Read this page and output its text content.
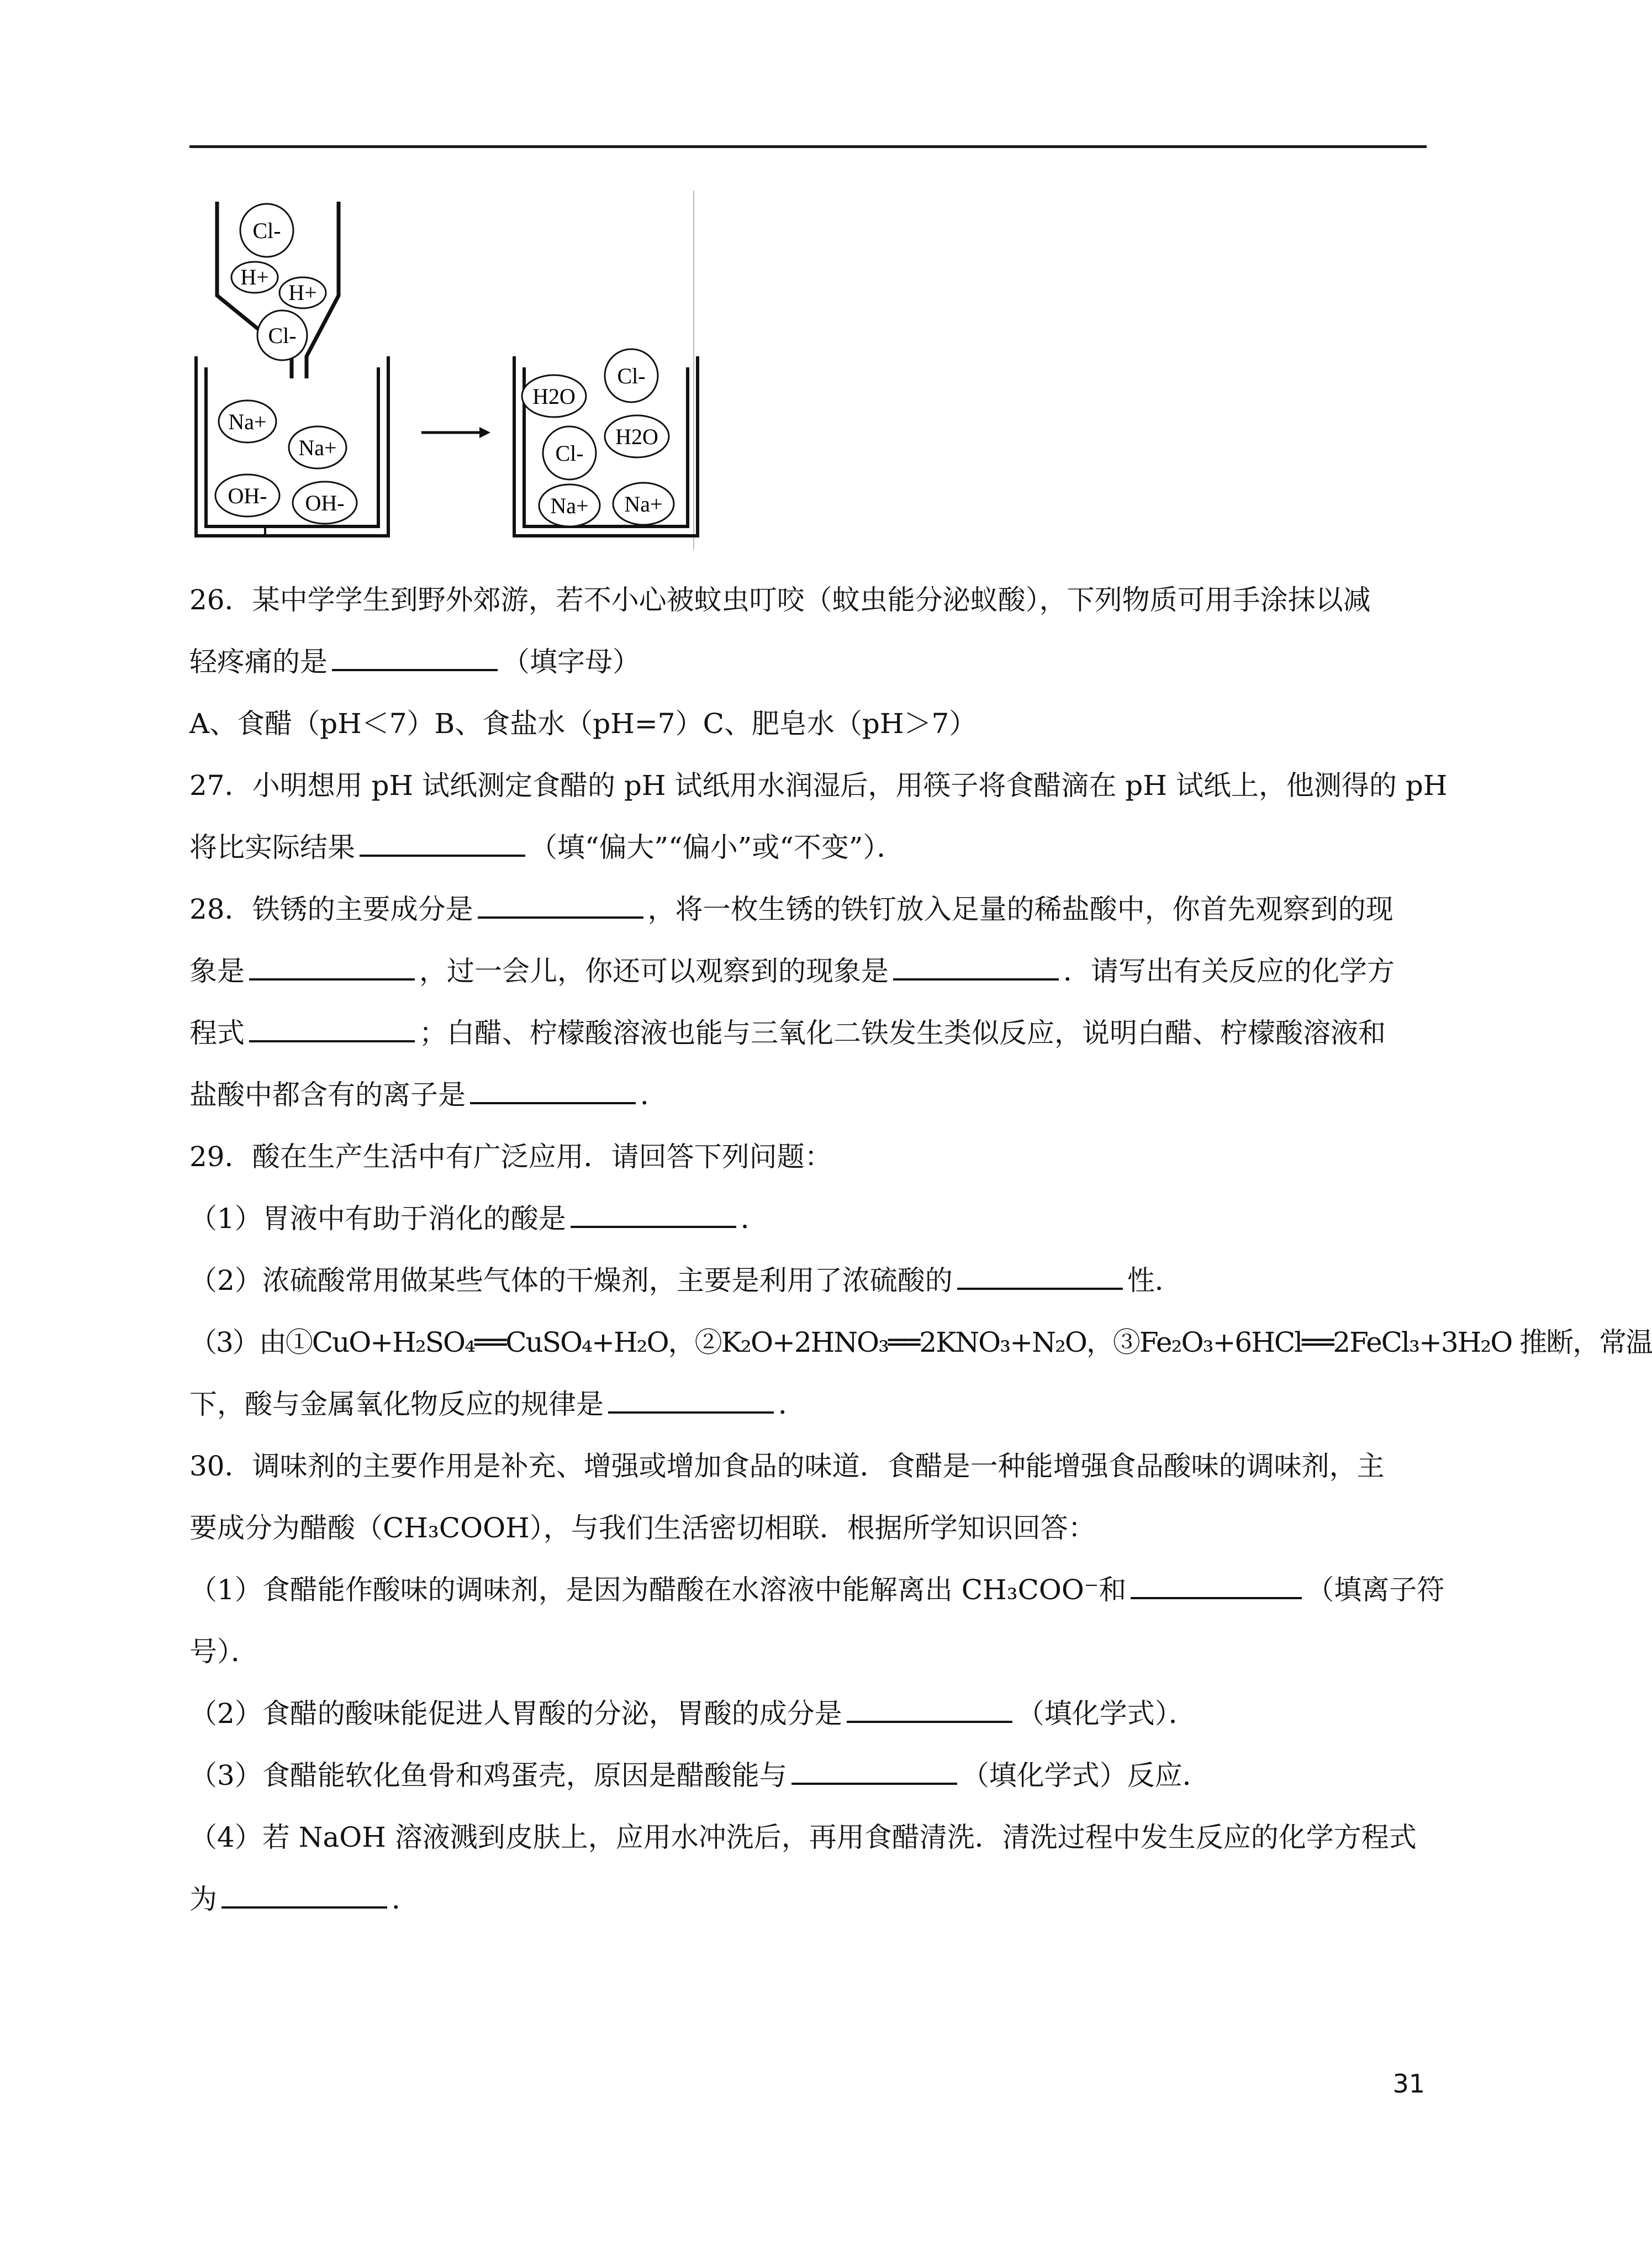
Cl-
H+
H+
Cl-
Na+
Na+
OH- OH-
H2O
Cl-
Cl-
H2O
Na+ Na+
26．某中学学生到野外郊游，若不小心被蚊虫叮咬（蚊虫能分泌蚁酸），下列物质可用手涂抹以减
轻疼痛的是	（填字母）
A、食醋（pH＜7）B、食盐水（pH=7）C、肥皂水（pH＞7）
27．小明想用 pH 试纸测定食醋的 pH 试纸用水润湿后，用筷子将食醋滴在 pH 试纸上，他测得的 pH
将比实际结果	（填“偏大”“偏小”或“不变”）．
28．铁锈的主要成分是	，将一枚生锈的铁钉放入足量的稀盐酸中，你首先观察到的现
象是	，过一会儿，你还可以观察到的现象是	．请写出有关反应的化学方
程式	；白醋、柠檬酸溶液也能与三氧化二铁发生类似反应，说明白醋、柠檬酸溶液和
盐酸中都含有的离子是	．
29．酸在生产生活中有广泛应用．请回答下列问题：
（1）胃液中有助于消化的酸是	．
（2）浓硫酸常用做某些气体的干燥剂，主要是利用了浓硫酸的	性．
（3）由①CuO+H₂SO₄══CuSO₄+H₂O，②K₂O+2HNO₃══2KNO₃+N₂O，③Fe₂O₃+6HCl══2FeCl₃+3H₂O 推断，常温
下，酸与金属氧化物反应的规律是	．
30．调味剂的主要作用是补充、增强或增加食品的味道．食醋是一种能增强食品酸味的调味剂，主
要成分为醋酸（CH₃COOH），与我们生活密切相联．根据所学知识回答：
（1）食醋能作酸味的调味剂，是因为醋酸在水溶液中能解离出 CH₃COO⁻和	（填离子符
号）．
（2）食醋的酸味能促进人胃酸的分泌，胃酸的成分是	（填化学式）．
（3）食醋能软化鱼骨和鸡蛋壳，原因是醋酸能与	（填化学式）反应．
（4）若 NaOH 溶液溅到皮肤上，应用水冲洗后，再用食醋清洗．清洗过程中发生反应的化学方程式
为	．
31
